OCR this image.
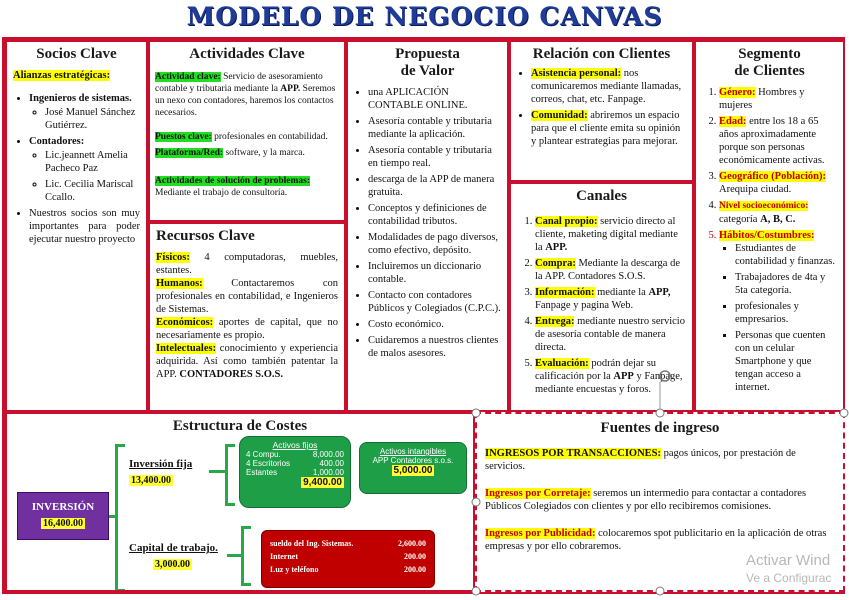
MODELO DE NEGOCIO CANVAS
Socios Clave
Alianzas estratégicas:
• Ingenieros de sistemas.
◦ José Manuel Sánchez Gutiérrez.
• Contadores:
◦ Lic.jeannett Amelia Pacheco Paz
◦ Lic. Cecilia Mariscal Ccallo.
• Nuestros socios son muy importantes para poder ejecutar nuestro proyecto
Actividades Clave

Actividad clave: Servicio de asesoramiento contable y tributaria mediante la APP. Seremos un nexo con contadores, haremos los contactos necesarios.

Puestos clave: profesionales en contabilidad.

Plataforma/Red: software, y la marca.

Actividades de solución de problemas: Mediante el trabajo de consultoría.

Recursos Clave

Físicos: 4 computadoras, muebles, estantes.

Humanos: Contactaremos con profesionales en contabilidad, e Ingenieros de Sistemas.

Económicos: aportes de capital, que no necesariamente es propio.

Intelectuales: conocimiento y experiencia adquirida. Así como también patentar la APP. CONTADORES S.O.S.

Propuesta
de Valor
• una APLICACIÓN CONTABLE ONLINE.
• Asesoría contable y tributaria mediante la aplicación.
• Asesoría contable y tributaria en tiempo real.
• descarga de la APP de manera gratuita.
• Conceptos y definiciones de contabilidad tributos.
• Modalidades de pago diversos, como efectivo, depósito.
• Incluiremos un diccionario contable.
• Contacto con contadores Públicos y Colegiados (C.P.C.).
• Costo económico.
• Cuidaremos a nuestros clientes de malos asesores.
Relación con Clientes
• Asistencia personal: nos comunicaremos mediante llamadas, correos, chat, etc. Fanpage.
• Comunidad: abriremos un espacio para que el cliente emita su opinión y plantear estrategias para mejorar.
Canales
1. Canal propio: servicio directo al cliente, maketing digital mediante la APP.
2. Compra: Mediante la descarga de la APP. Contadores S.O.S.
3. Información: mediante la APP, Fanpage y pagina Web.
4. Entrega: mediante nuestro servicio de asesoría contable de manera directa.
5. Evaluación: podrán dejar su calificación por la APP y Fanpage, mediante encuestas y foros.
Segmento
de Clientes
1. Género: Hombres y mujeres
2. Edad: entre los 18 a 65 años aproximadamente porque son personas económicamente activas.
3. Geográfico (Población): Arequipa ciudad.
4. Nivel socioeconómico: categoría A, B, C.
5. Hábitos/Costumbres:
▪ Estudiantes de contabilidad y finanzas.
▪ Trabajadores de 4ta y 5ta categoría.
▪ profesionales y empresarios.
▪ Personas que cuenten con un celular Smartphone y que tengan acceso a internet.
Estructura de Costes
INVERSIÓN
16,400.00
Inversión fija
13,400.00
Activos fijos
4 Compu.	8,000.00
4 Escritorios	400.00
Estantes	1,000.00
9,400.00
Activos intangibles
APP Contadores s.o.s.
5,000.00
Capital de trabajo.
3,000.00
sueldo del Ing. Sistemas.	2,600.00
Internet	200.00
Luz y teléfono	200.00
Fuentes de ingreso

INGRESOS POR TRANSACCIONES: pagos únicos, por prestación de servicios.

Ingresos por Corretaje: seremos un intermedio para contactar a contadores Públicos Colegiados con clientes y por ello recibiremos comisiones.

Ingresos por Publicidad: colocaremos spot publicitario en la aplicación de otras empresas y por ello cobraremos.

Activar Wind
Ve a Configurac
